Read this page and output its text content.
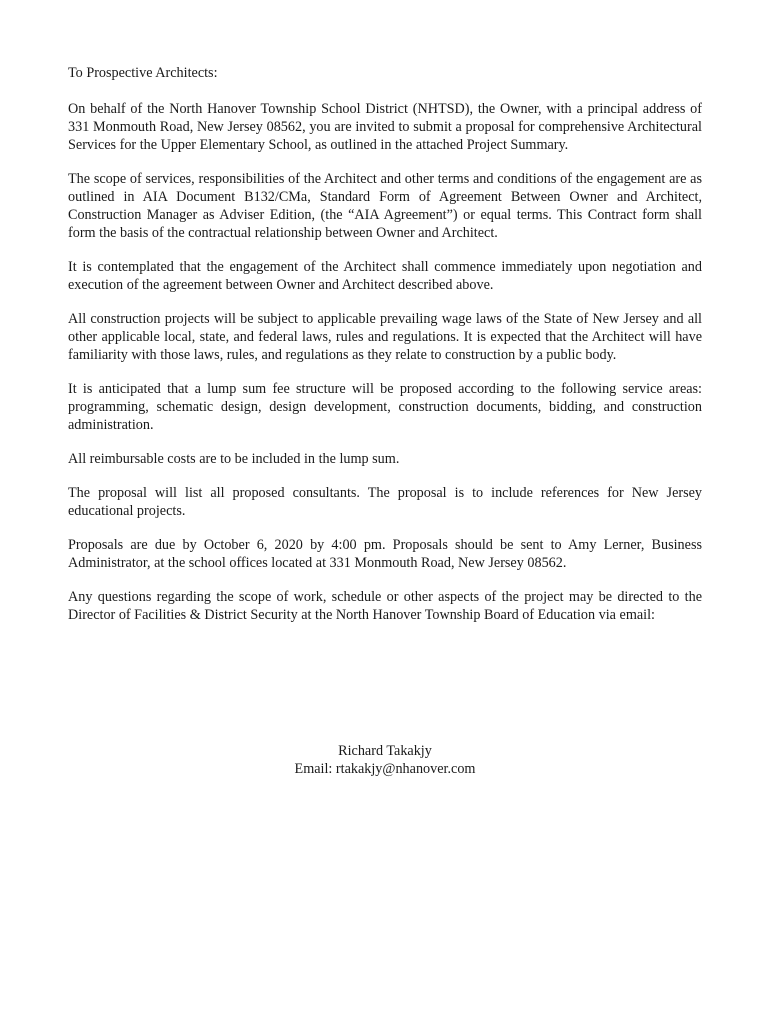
To Prospective Architects:

On behalf of the North Hanover Township School District (NHTSD), the Owner, with a principal address of 331 Monmouth Road, New Jersey 08562, you are invited to submit a proposal for comprehensive Architectural Services for the Upper Elementary School, as outlined in the attached Project Summary.

The scope of services, responsibilities of the Architect and other terms and conditions of the engagement are as outlined in AIA Document B132/CMa, Standard Form of Agreement Between Owner and Architect, Construction Manager as Adviser Edition, (the “AIA Agreement”) or equal terms. This Contract form shall form the basis of the contractual relationship between Owner and Architect.

It is contemplated that the engagement of the Architect shall commence immediately upon negotiation and execution of the agreement between Owner and Architect described above.

All construction projects will be subject to applicable prevailing wage laws of the State of New Jersey and all other applicable local, state, and federal laws, rules and regulations. It is expected that the Architect will have familiarity with those laws, rules, and regulations as they relate to construction by a public body.

It is anticipated that a lump sum fee structure will be proposed according to the following service areas: programming, schematic design, design development, construction documents, bidding, and construction administration.

All reimbursable costs are to be included in the lump sum.

The proposal will list all proposed consultants. The proposal is to include references for New Jersey educational projects.

Proposals are due by October 6, 2020 by 4:00 pm. Proposals should be sent to Amy Lerner, Business Administrator, at the school offices located at 331 Monmouth Road, New Jersey 08562.

Any questions regarding the scope of work, schedule or other aspects of the project may be directed to the Director of Facilities & District Security at the North Hanover Township Board of Education via email:

Richard Takakjy
Email: rtakakjy@nhanover.com
